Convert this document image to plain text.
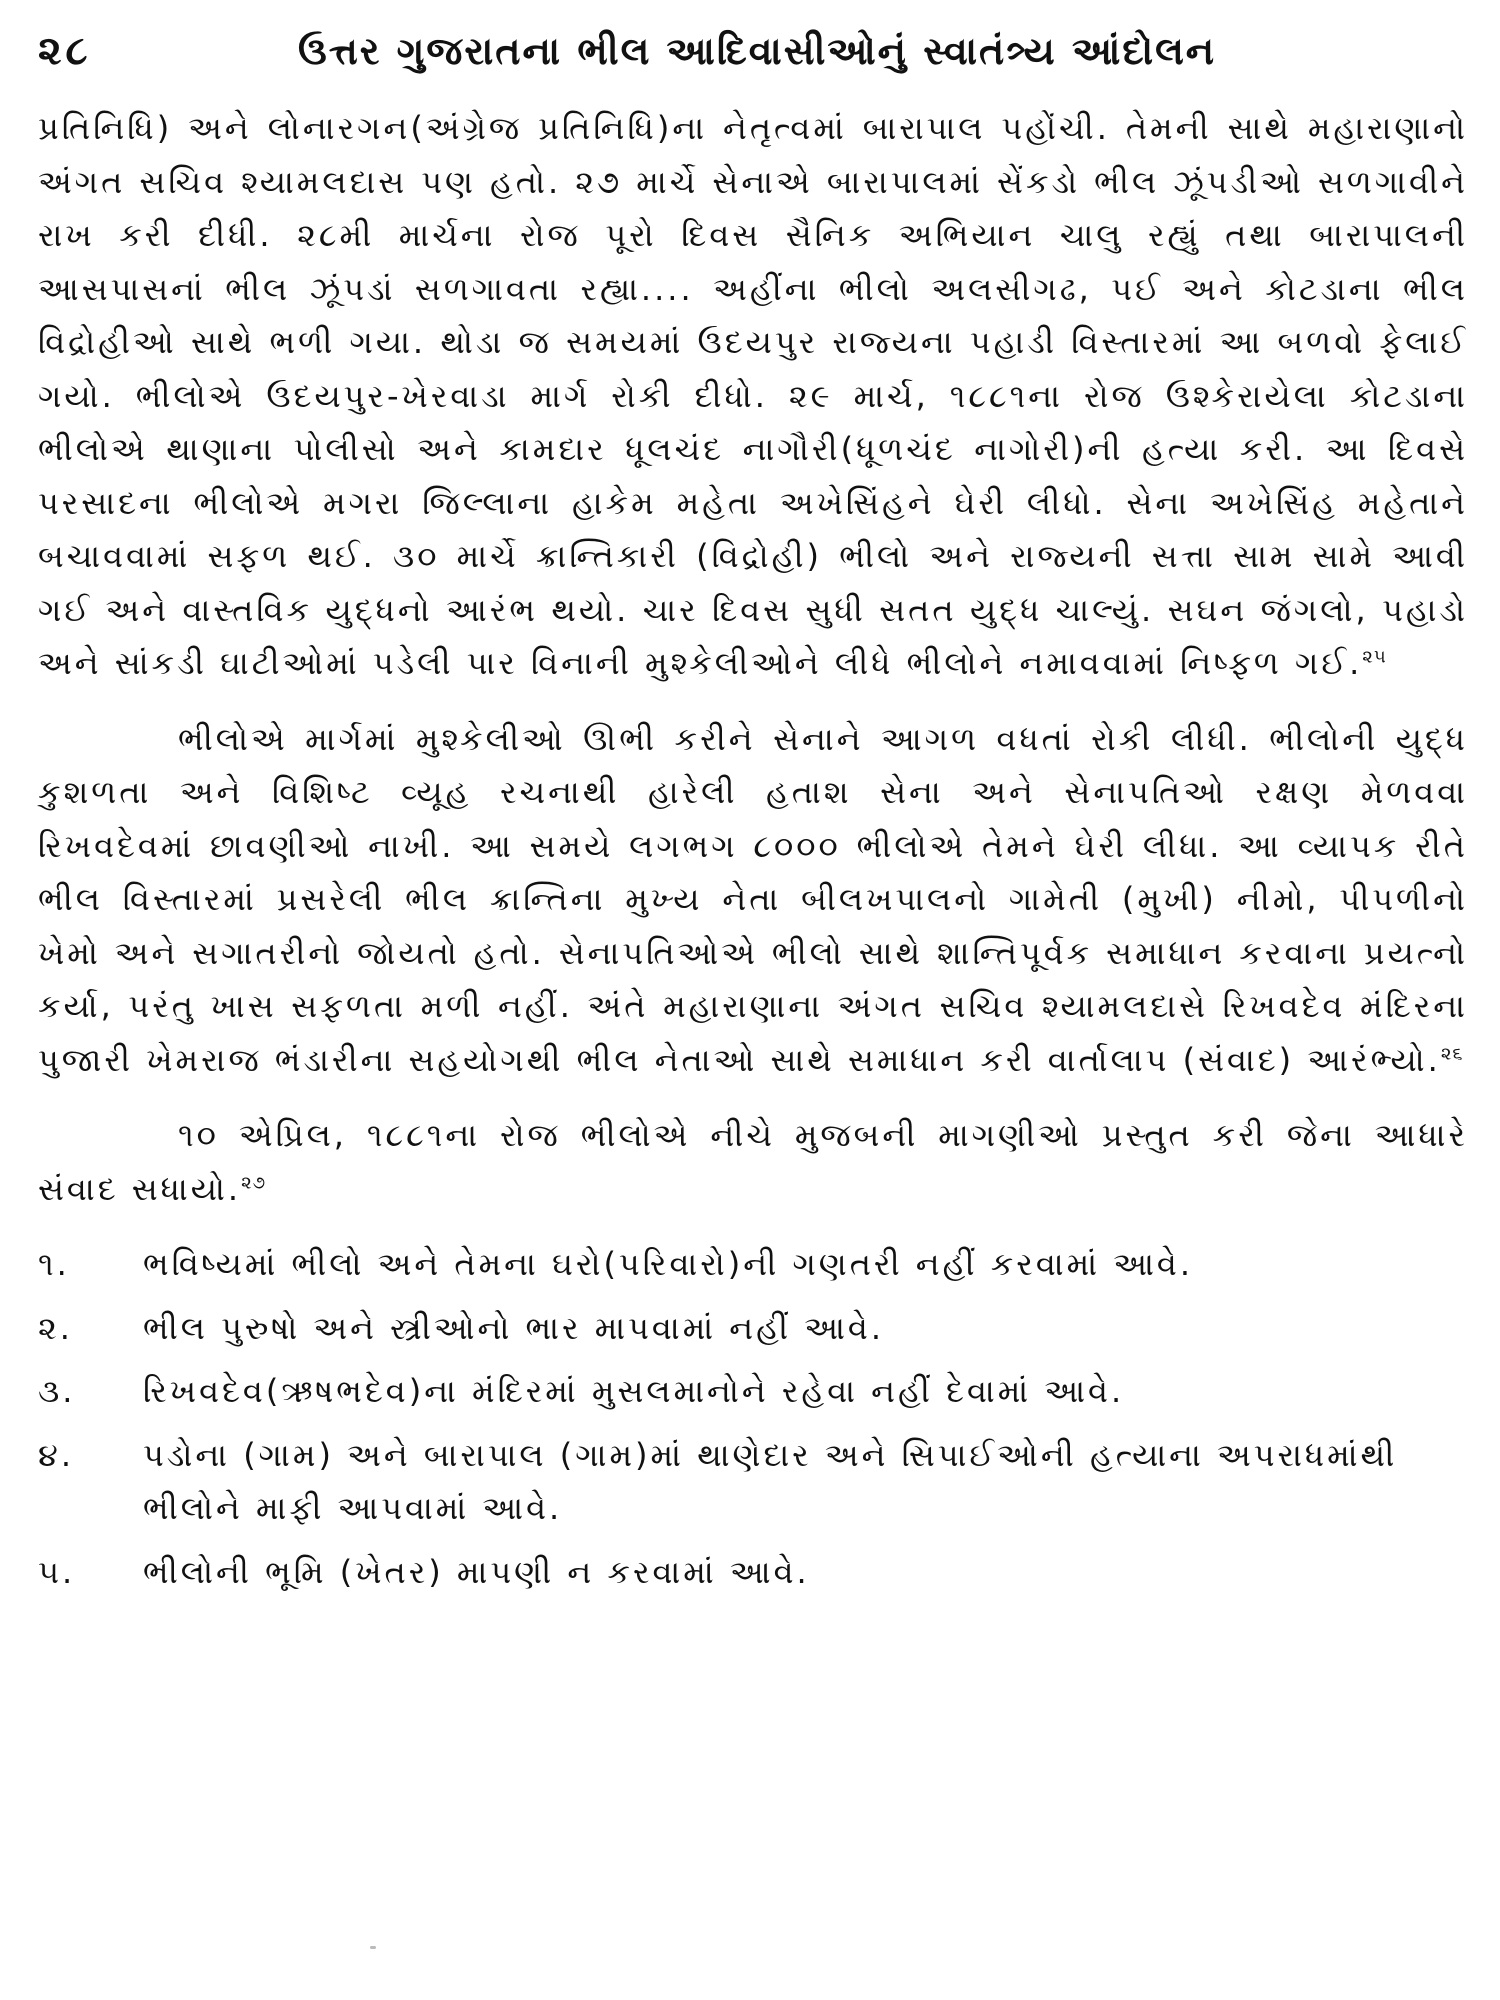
૨૮	ઉત્તર ગુજરાતના ભીલ આદિવાસીઓનું સ્વાતંત્ર્ય આંદોલન

પ્રતિનિધિ) અને લોનારગન(અંગ્રેજ પ્રતિનિધિ)ના નેતૃત્વમાં બારાપાલ પહોંચી. તેમની સાથે મહારાણાનો અંગત સચિવ શ્યામલદાસ પણ હતો. ૨૭ માર્ચે સેનાએ બારાપાલમાં સેંકડો ભીલ ઝૂંપડીઓ સળગાવીને રાખ કરી દીધી. ૨૮મી માર્ચના રોજ પૂરો દિવસ સૈનિક અભિયાન ચાલુ રહ્યું તથા બારાપાલની આસપાસનાં ભીલ ઝૂંપડાં સળગાવતા રહ્યા.... અહીંના ભીલો અલસીગઢ, પઈ અને કોટડાના ભીલ વિદ્રોહીઓ સાથે ભળી ગયા. થોડા જ સમયમાં ઉદયપુર રાજ્યના પહાડી વિસ્તારમાં આ બળવો ફેલાઈ ગયો. ભીલોએ ઉદયપુર-ખેરવાડા માર્ગ રોકી દીધો. ૨૯ માર્ચ, ૧૮૮૧ના રોજ ઉશ્કેરાયેલા કોટડાના ભીલોએ થાણાના પોલીસો અને કામદાર ધૂલચંદ નાગૌરી(ધૂળચંદ નાગોરી)ની હત્યા કરી. આ દિવસે પરસાદના ભીલોએ મગરા જિલ્લાના હાકેમ મહેતા અખેસિંહને ઘેરી લીધો. સેના અખેસિંહ મહેતાને બચાવવામાં સફળ થઈ. ૩૦ માર્ચે ક્રાન્તિકારી (વિદ્રોહી) ભીલો અને રાજ્યની સત્તા સામ સામે આવી ગઈ અને વાસ્તવિક યુદ્ધનો આરંભ થયો. ચાર દિવસ સુધી સતત યુદ્ધ ચાલ્યું. સઘન જંગલો, પહાડો અને સાંકડી ઘાટીઓમાં પડેલી પાર વિનાની મુશ્કેલીઓને લીધે ભીલોને નમાવવામાં નિષ્ફળ ગઈ.$^{૨૫}$

ભીલોએ માર્ગમાં મુશ્કેલીઓ ઊભી કરીને સેનાને આગળ વધતાં રોકી લીધી. ભીલોની યુદ્ધ કુશળતા અને વિશિષ્ટ વ્યૂહ રચનાથી હારેલી હતાશ સેના અને સેનાપતિઓ રક્ષણ મેળવવા રિખવદેવમાં છાવણીઓ નાખી. આ સમયે લગભગ ૮૦૦૦ ભીલોએ તેમને ઘેરી લીધા. આ વ્યાપક રીતે ભીલ વિસ્તારમાં પ્રસરેલી ભીલ ક્રાન્તિના મુખ્ય નેતા બીલખપાલનો ગામેતી (મુખી) નીમો, પીપળીનો ખેમો અને સગાતરીનો જોયતો હતો. સેનાપતિઓએ ભીલો સાથે શાન્તિપૂર્વક સમાધાન કરવાના પ્રયત્નો કર્યા, પરંતુ ખાસ સફળતા મળી નહીં. અંતે મહારાણાના અંગત સચિવ શ્યામલદાસે રિખવદેવ મંદિરના પુજારી ખેમરાજ ભંડારીના સહયોગથી ભીલ નેતાઓ સાથે સમાધાન કરી વાર્તાલાપ (સંવાદ) આરંભ્યો.$^{૨૬}$

૧૦ એપ્રિલ, ૧૮૮૧ના રોજ ભીલોએ નીચે મુજબની માગણીઓ પ્રસ્તુત કરી જેના આધારે સંવાદ સધાયો.$^{૨૭}$

૧.	ભવિષ્યમાં ભીલો અને તેમના ઘરો(પરિવારો)ની ગણતરી નહીં કરવામાં આવે.
૨.	ભીલ પુરુષો અને સ્ત્રીઓનો ભાર માપવામાં નહીં આવે.
૩.	રિખવદેવ(ઋષભદેવ)ના મંદિરમાં મુસલમાનોને રહેવા નહીં દેવામાં આવે.
૪.	પડોના (ગામ) અને બારાપાલ (ગામ)માં થાણેદાર અને સિપાઈઓની હત્યાના અપરાધમાંથી ભીલોને માફી આપવામાં આવે.
૫.	ભીલોની ભૂમિ (ખેતર) માપણી ન કરવામાં આવે.
